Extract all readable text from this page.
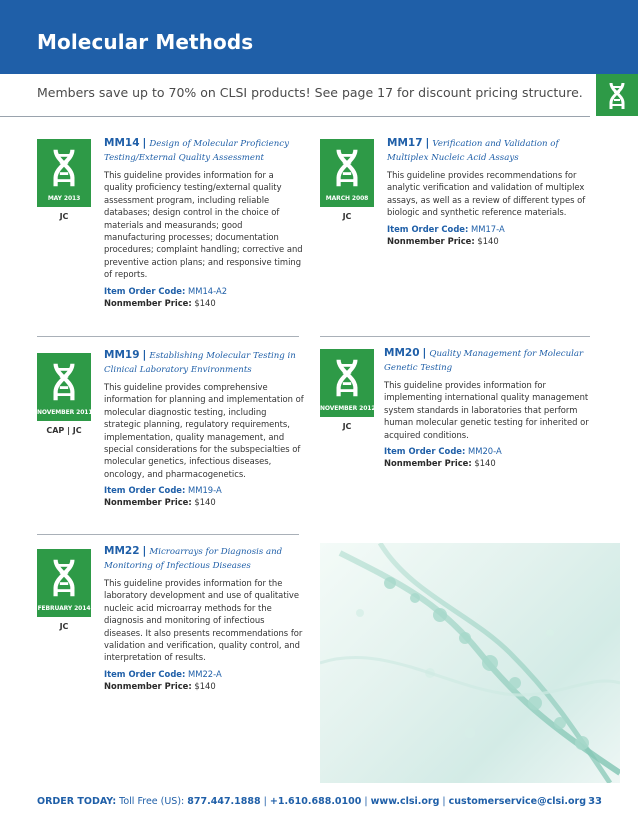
Molecular Methods
Members save up to 70% on CLSI products! See page 17 for discount pricing structure.
MAY 2013
JC

MM14 | Design of Molecular Proficiency Testing/External Quality Assessment

This guideline provides information for a quality proficiency testing/external quality assessment program, including reliable databases; design control in the choice of materials and measurands; good manufacturing processes; documentation procedures; complaint handling; corrective and preventive action plans; and responsive timing of reports.

Item Order Code: MM14-A2
Nonmember Price: $140
MARCH 2008
JC

MM17 | Verification and Validation of Multiplex Nucleic Acid Assays

This guideline provides recommendations for analytic verification and validation of multiplex assays, as well as a review of different types of biologic and synthetic reference materials.

Item Order Code: MM17-A
Nonmember Price: $140
NOVEMBER 2011
CAP | JC

MM19 | Establishing Molecular Testing in Clinical Laboratory Environments

This guideline provides comprehensive information for planning and implementation of molecular diagnostic testing, including strategic planning, regulatory requirements, implementation, quality management, and special considerations for the subspecialties of molecular genetics, infectious diseases, oncology, and pharmacogenetics.

Item Order Code: MM19-A
Nonmember Price: $140
NOVEMBER 2012
JC

MM20 | Quality Management for Molecular Genetic Testing

This guideline provides information for implementing international quality management system standards in laboratories that perform human molecular genetic testing for inherited or acquired conditions.

Item Order Code: MM20-A
Nonmember Price: $140
FEBRUARY 2014
JC

MM22 | Microarrays for Diagnosis and Monitoring of Infectious Diseases

This guideline provides information for the laboratory development and use of qualitative nucleic acid microarray methods for the diagnosis and monitoring of infectious diseases. It also presents recommendations for validation and verification, quality control, and interpretation of results.

Item Order Code: MM22-A
Nonmember Price: $140
ORDER TODAY: Toll Free (US): 877.447.1888 | +1.610.688.0100 | www.clsi.org | customerservice@clsi.org 33
